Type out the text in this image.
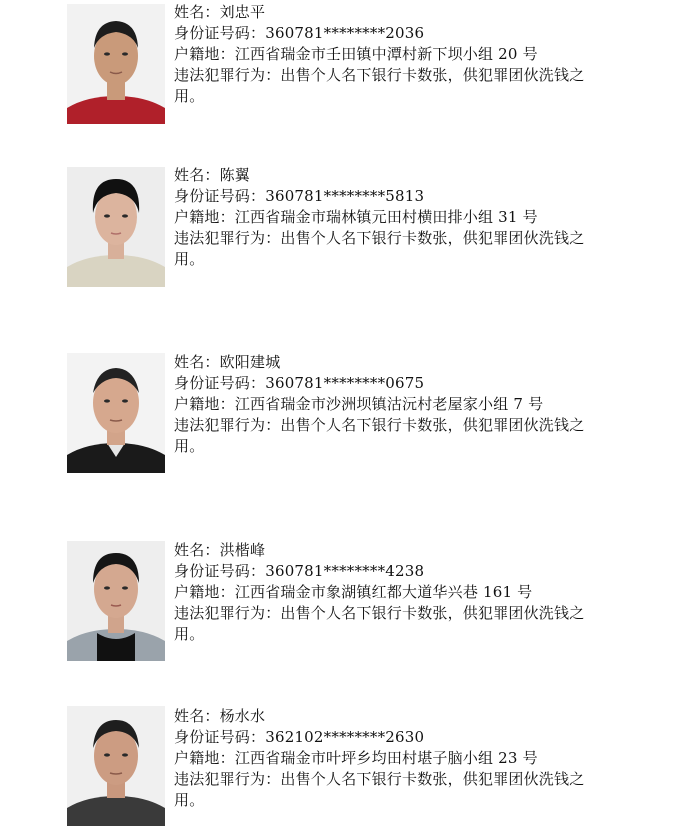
姓名：刘忠平
身份证号码：360781********2036
户籍地：江西省瑞金市壬田镇中潭村新下坝小组 20 号
违法犯罪行为：出售个人名下银行卡数张，供犯罪团伙洗钱之用。
姓名：陈翼
身份证号码：360781********5813
户籍地：江西省瑞金市瑞林镇元田村横田排小组 31 号
违法犯罪行为：出售个人名下银行卡数张，供犯罪团伙洗钱之用。
姓名：欧阳建城
身份证号码：360781********0675
户籍地：江西省瑞金市沙洲坝镇沽沅村老屋家小组 7 号
违法犯罪行为：出售个人名下银行卡数张，供犯罪团伙洗钱之用。
姓名：洪楷峰
身份证号码：360781********4238
户籍地：江西省瑞金市象湖镇红都大道华兴巷 161 号
违法犯罪行为：出售个人名下银行卡数张，供犯罪团伙洗钱之用。
姓名：杨水水
身份证号码：362102********2630
户籍地：江西省瑞金市叶坪乡均田村堪子脑小组 23 号
违法犯罪行为：出售个人名下银行卡数张，供犯罪团伙洗钱之用。
